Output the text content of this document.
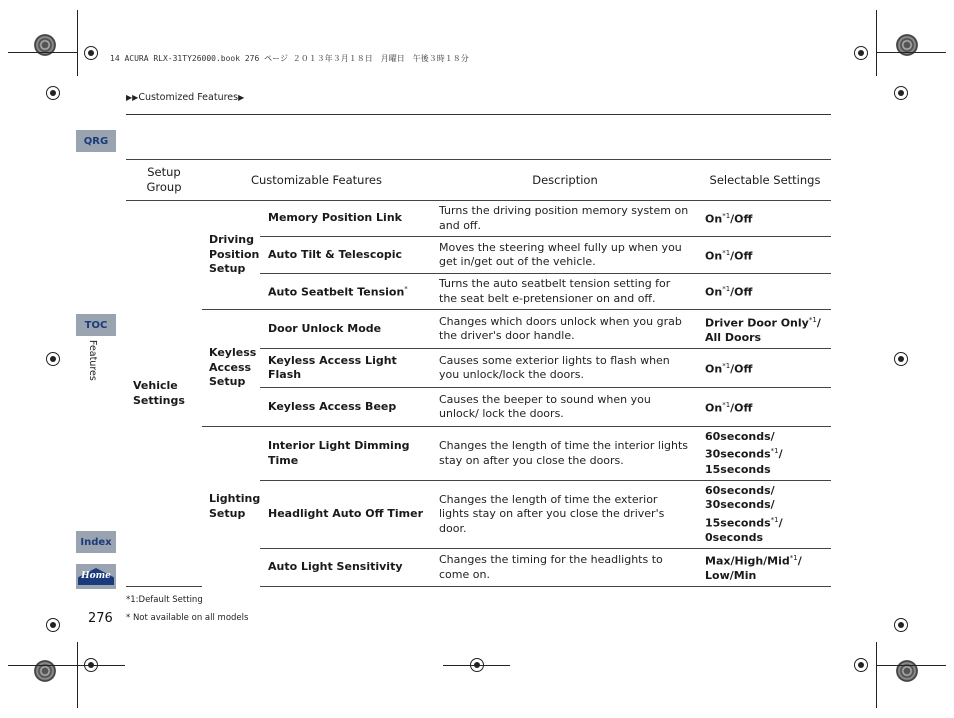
14 ACURA RLX-31TY26000.book 276 ページ ２０１３年３月１８日　月曜日　午後３時１８分
▶▶Customized Features▶
QRG
TOC
Features
Index
Home
Setup Group	Customizable Features		Description	Selectable Settings

Vehicle Settings	Driving Position Setup	Memory Position Link	Turns the driving position memory system on and off.	On$^{*1}$/Off
		Auto Tilt & Telescopic	Moves the steering wheel fully up when you get in/get out of the vehicle.	On$^{*1}$/Off
		Auto Seatbelt Tension*	Turns the auto seatbelt tension setting for the seat belt e-pretensioner on and off.	On$^{*1}$/Off

	Keyless Access Setup	Door Unlock Mode	Changes which doors unlock when you grab the driver's door handle.	Driver Door Only$^{*1}$/
All Doors
		Keyless Access Light Flash	Causes some exterior lights to flash when you unlock/lock the doors.	On$^{*1}$/Off
		Keyless Access Beep	Causes the beeper to sound when you unlock/ lock the doors.	On$^{*1}$/Off

	Lighting Setup	Interior Light Dimming Time	Changes the length of time the interior lights stay on after you close the doors.	60seconds/
30seconds$^{*1}$/
15seconds
		Headlight Auto Off Timer	Changes the length of time the exterior lights stay on after you close the driver's door.	60seconds/
30seconds/
15seconds$^{*1}$/
0seconds
		Auto Light Sensitivity	Changes the timing for the headlights to come on.	Max/High/Mid$^{*1}$/
Low/Min
*1:Default Setting
* Not available on all models
276
